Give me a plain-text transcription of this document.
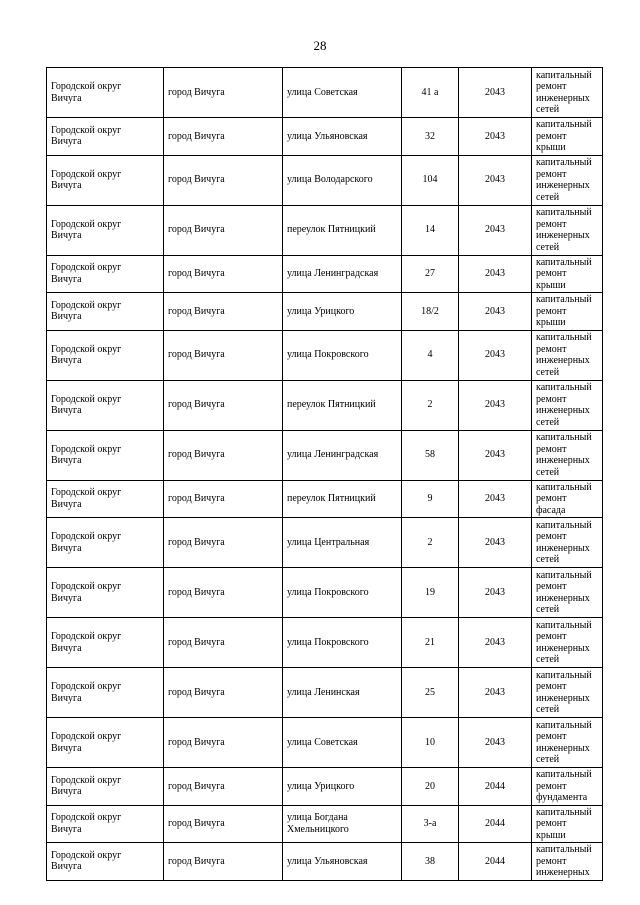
28
Городской округ
Вичуга	город Вичуга	улица Советская	41 а	2043	капитальный
ремонт
инженерных
сетей

Городской округ
Вичуга	город Вичуга	улица Ульяновская	32	2043	капитальный
ремонт крыши

Городской округ
Вичуга	город Вичуга	улица Володарского	104	2043	капитальный
ремонт
инженерных
сетей

Городской округ
Вичуга	город Вичуга	переулок Пятницкий	14	2043	капитальный
ремонт
инженерных
сетей

Городской округ
Вичуга	город Вичуга	улица Ленинградская	27	2043	капитальный
ремонт крыши

Городской округ
Вичуга	город Вичуга	улица Урицкого	18/2	2043	капитальный
ремонт крыши

Городской округ
Вичуга	город Вичуга	улица Покровского	4	2043	капитальный
ремонт
инженерных
сетей

Городской округ
Вичуга	город Вичуга	переулок Пятницкий	2	2043	капитальный
ремонт
инженерных
сетей

Городской округ
Вичуга	город Вичуга	улица Ленинградская	58	2043	капитальный
ремонт
инженерных
сетей

Городской округ
Вичуга	город Вичуга	переулок Пятницкий	9	2043	капитальный
ремонт фасада

Городской округ
Вичуга	город Вичуга	улица Центральная	2	2043	капитальный
ремонт
инженерных
сетей

Городской округ
Вичуга	город Вичуга	улица Покровского	19	2043	капитальный
ремонт
инженерных
сетей

Городской округ
Вичуга	город Вичуга	улица Покровского	21	2043	капитальный
ремонт
инженерных
сетей

Городской округ
Вичуга	город Вичуга	улица Ленинская	25	2043	капитальный
ремонт
инженерных
сетей

Городской округ
Вичуга	город Вичуга	улица Советская	10	2043	капитальный
ремонт
инженерных
сетей

Городской округ
Вичуга	город Вичуга	улица Урицкого	20	2044	капитальный
ремонт
фундамента

Городской округ
Вичуга	город Вичуга	улица Богдана
Хмельницкого	3-а	2044	капитальный
ремонт крыши

Городской округ
Вичуга	город Вичуга	улица Ульяновская	38	2044	капитальный
ремонт
инженерных
